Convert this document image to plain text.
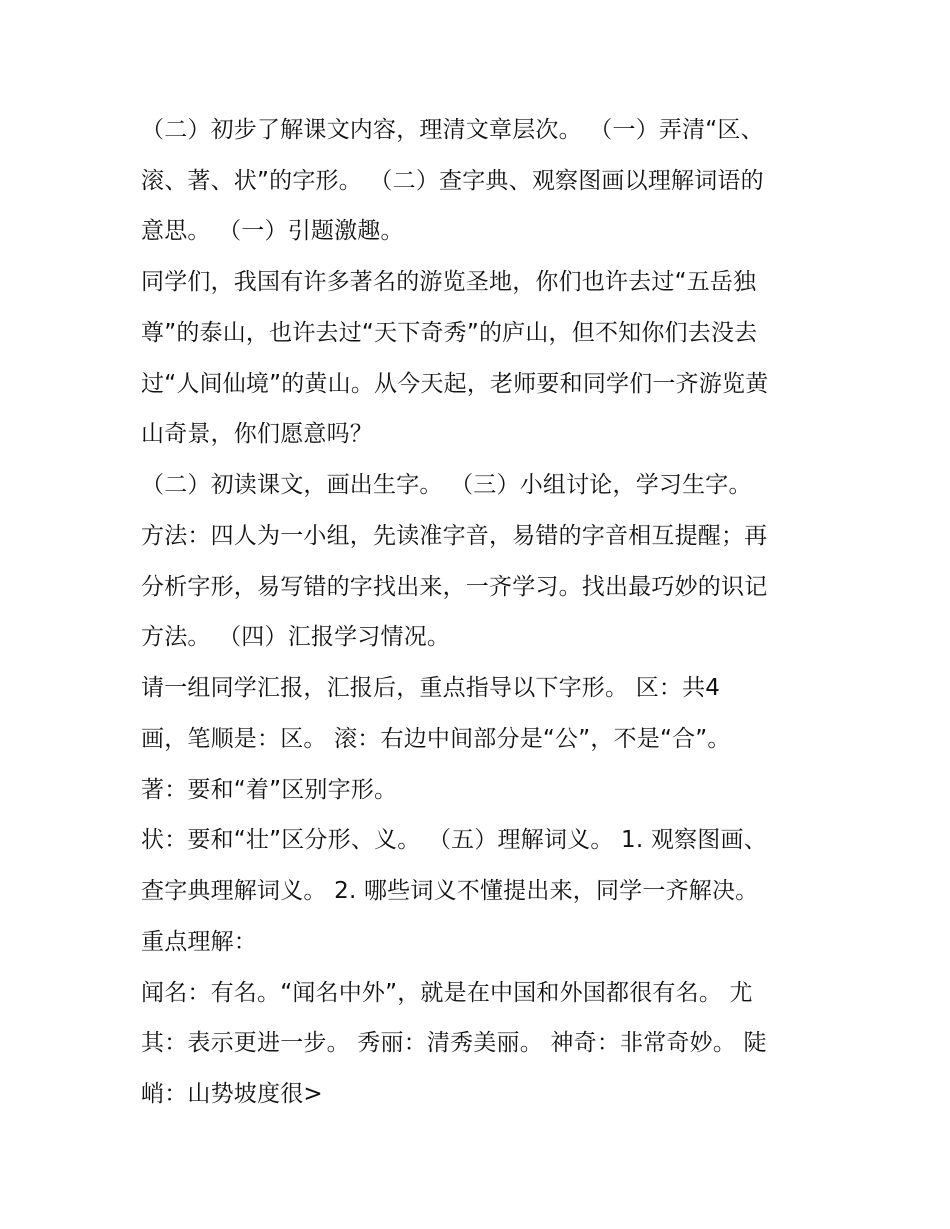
（二）初步了解课文内容，理清文章层次。 （一）弄清“区、
滚、著、状”的字形。 （二）查字典、观察图画以理解词语的
意思。 （一）引题激趣。
同学们，我国有许多著名的游览圣地，你们也许去过“五岳独
尊”的泰山，也许去过“天下奇秀”的庐山，但不知你们去没去
过“人间仙境”的黄山。从今天起，老师要和同学们一齐游览黄
山奇景，你们愿意吗？
（二）初读课文，画出生字。 （三）小组讨论，学习生字。
方法：四人为一小组，先读准字音，易错的字音相互提醒；再
分析字形，易写错的字找出来，一齐学习。找出最巧妙的识记
方法。 （四）汇报学习情况。
请一组同学汇报，汇报后，重点指导以下字形。 区：共4
画，笔顺是：区。 滚：右边中间部分是“公”，不是“合”。
著：要和“着”区别字形。
状：要和“壮”区分形、义。 （五）理解词义。 1. 观察图画、
查字典理解词义。 2. 哪些词义不懂提出来，同学一齐解决。
重点理解：
闻名：有名。“闻名中外”，就是在中国和外国都很有名。 尤
其：表示更进一步。 秀丽：清秀美丽。 神奇：非常奇妙。 陡
峭：山势坡度很>
